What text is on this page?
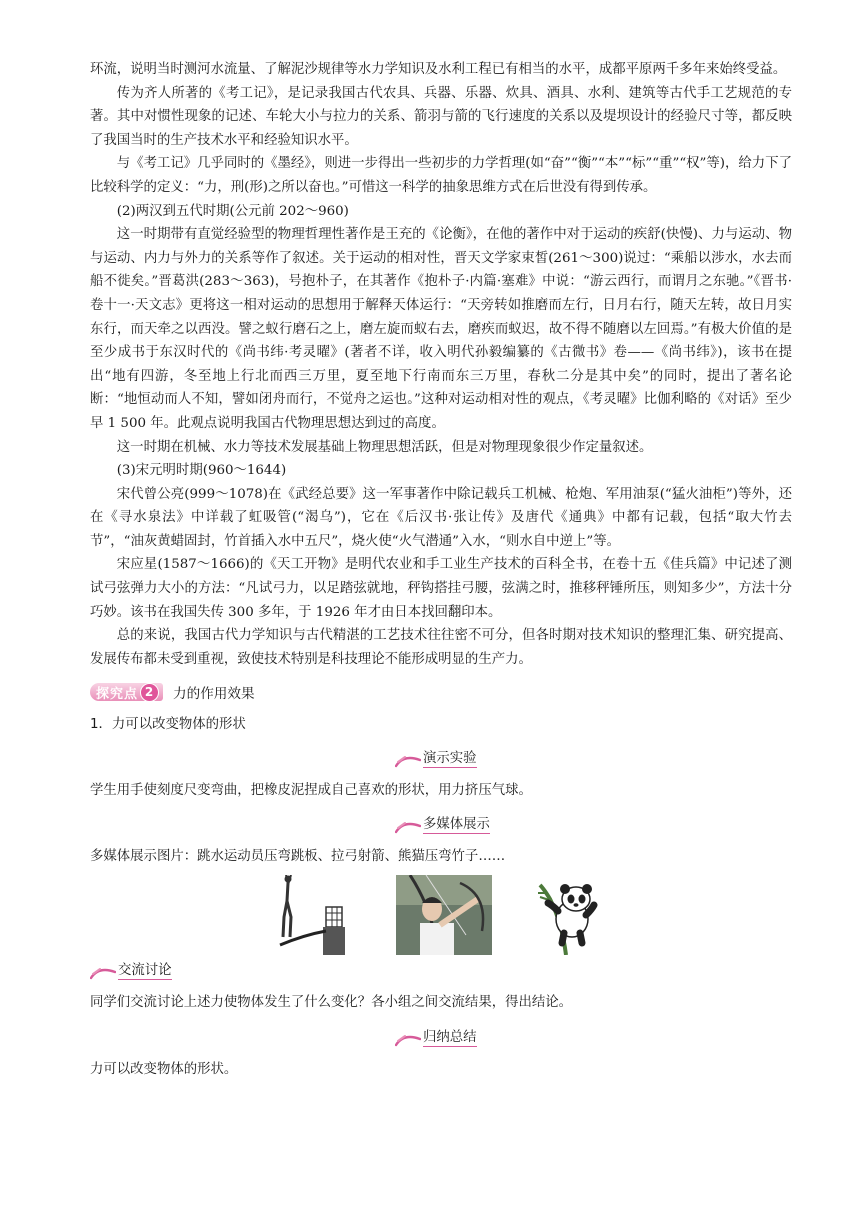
环流，说明当时测河水流量、了解泥沙规律等水力学知识及水利工程已有相当的水平，成都平原两千多年来始终受益。

传为齐人所著的《考工记》，是记录我国古代农具、兵器、乐器、炊具、酒具、水利、建筑等古代手工艺规范的专著。其中对惯性现象的记述、车轮大小与拉力的关系、箭羽与箭的飞行速度的关系以及堤坝设计的经验尺寸等，都反映了我国当时的生产技术水平和经验知识水平。

与《考工记》几乎同时的《墨经》，则进一步得出一些初步的力学哲理(如“奋”“衡”“本”“标”“重”“权”等)，给力下了比较科学的定义：“力，刑(形)之所以奋也。”可惜这一科学的抽象思维方式在后世没有得到传承。

(2)两汉到五代时期(公元前 202～960)

这一时期带有直觉经验型的物理哲理性著作是王充的《论衡》，在他的著作中对于运动的疾舒(快慢)、力与运动、物与运动、内力与外力的关系等作了叙述。关于运动的相对性，晋天文学家束皙(261～300)说过：“乘船以涉水，水去而船不徙矣。”晋葛洪(283～363)，号抱朴子，在其著作《抱朴子·内篇·塞难》中说：“游云西行，而谓月之东驰。”《晋书·卷十一·天文志》更将这一相对运动的思想用于解释天体运行：“天旁转如推磨而左行，日月右行，随天左转，故日月实东行，而天牵之以西没。譬之蚁行磨石之上，磨左旋而蚁右去，磨疾而蚁迟，故不得不随磨以左回焉。”有极大价值的是至少成书于东汉时代的《尚书纬·考灵曜》(著者不详，收入明代孙毅编纂的《古微书》卷——《尚书纬》)，该书在提出“地有四游，冬至地上行北而西三万里，夏至地下行南而东三万里，春秋二分是其中矣”的同时，提出了著名论断：“地恒动而人不知，譬如闭舟而行，不觉舟之运也。”这种对运动相对性的观点，《考灵曜》比伽利略的《对话》至少早 1 500 年。此观点说明我国古代物理思想达到过的高度。

这一时期在机械、水力等技术发展基础上物理思想活跃，但是对物理现象很少作定量叙述。

(3)宋元明时期(960～1644)

宋代曾公亮(999～1078)在《武经总要》这一军事著作中除记载兵工机械、枪炮、军用油泵(“猛火油柜”)等外，还在《寻水泉法》中详载了虹吸管(“渴乌”)，它在《后汉书·张让传》及唐代《通典》中都有记载，包括“取大竹去节”，“油灰黄蜡固封，竹首插入水中五尺”，烧火使“火气潜通”入水，“则水自中逆上”等。

宋应星(1587～1666)的《天工开物》是明代农业和手工业生产技术的百科全书，在卷十五《佳兵篇》中记述了测试弓弦弹力大小的方法：“凡试弓力，以足踏弦就地，秤钩搭挂弓腰，弦满之时，推移秤锤所压，则知多少”，方法十分巧妙。该书在我国失传 300 多年，于 1926 年才由日本找回翻印本。

总的来说，我国古代力学知识与古代精湛的工艺技术往往密不可分，但各时期对技术知识的整理汇集、研究提高、发展传布都未受到重视，致使技术特别是科技理论不能形成明显的生产力。

探究点 2	力的作用效果
1．力可以改变物体的形状
演示实验

学生用手使刻度尺变弯曲，把橡皮泥捏成自己喜欢的形状，用力挤压气球。

多媒体展示

多媒体展示图片：跳水运动员压弯跳板、拉弓射箭、熊猫压弯竹子……

交流讨论

同学们交流讨论上述力使物体发生了什么变化？各小组之间交流结果，得出结论。

归纳总结

力可以改变物体的形状。
